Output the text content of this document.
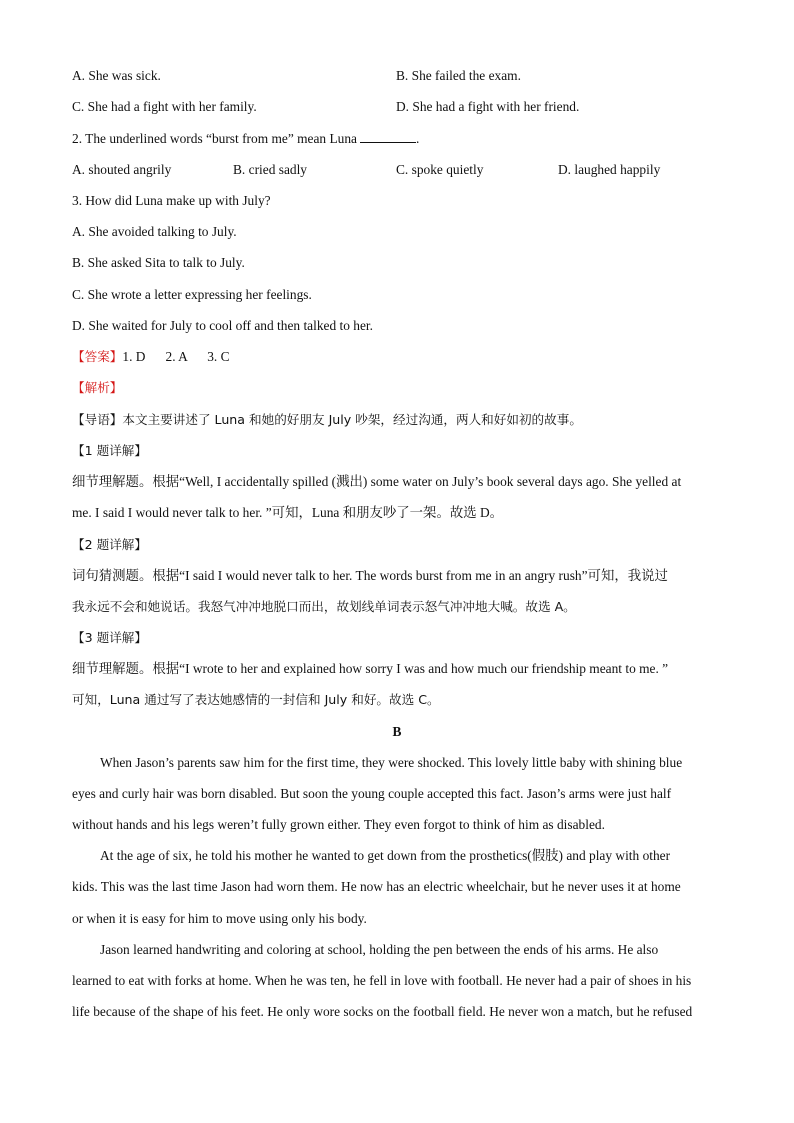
A. She was sick.	B. She failed the exam.
C. She had a fight with her family.	D. She had a fight with her friend.
2. The underlined words “burst from me” mean Luna	.
A. shouted angrily	B. cried sadly	C. spoke quietly	D. laughed happily
3. How did Luna make up with July?
A. She avoided talking to July.
B. She asked Sita to talk to July.
C. She wrote a letter expressing her feelings.
D. She waited for July to cool off and then talked to her.
【答案】1. D      2. A      3. C
【解析】
【导语】本文主要讲述了 Luna 和她的好朋友 July 吵架，经过沟通，两人和好如初的故事。
【1 题详解】
细节理解题。根据“Well, I accidentally spilled (溅出) some water on July’s book several days ago. She yelled at
me. I said I would never talk to her. ”可知，Luna 和朋友吵了一架。故选 D。
【2 题详解】
词句猜测题。根据“I said I would never talk to her. The words burst from me in an angry rush”可知，我说过
我永远不会和她说话。我怒气冲冲地脱口而出，故划线单词表示怒气冲冲地大喊。故选 A。
【3 题详解】
细节理解题。根据“I wrote to her and explained how sorry I was and how much our friendship meant to me. ”
可知，Luna 通过写了表达她感情的一封信和 July 和好。故选 C。
B
When Jason’s parents saw him for the first time, they were shocked. This lovely little baby with shining blue
eyes and curly hair was born disabled. But soon the young couple accepted this fact. Jason’s arms were just half
without hands and his legs weren’t fully grown either. They even forgot to think of him as disabled.
At the age of six, he told his mother he wanted to get down from the prosthetics(假肢) and play with other
kids. This was the last time Jason had worn them. He now has an electric wheelchair, but he never uses it at home
or when it is easy for him to move using only his body.
Jason learned handwriting and coloring at school, holding the pen between the ends of his arms. He also
learned to eat with forks at home. When he was ten, he fell in love with football. He never had a pair of shoes in his
life because of the shape of his feet. He only wore socks on the football field. He never won a match, but he refused
